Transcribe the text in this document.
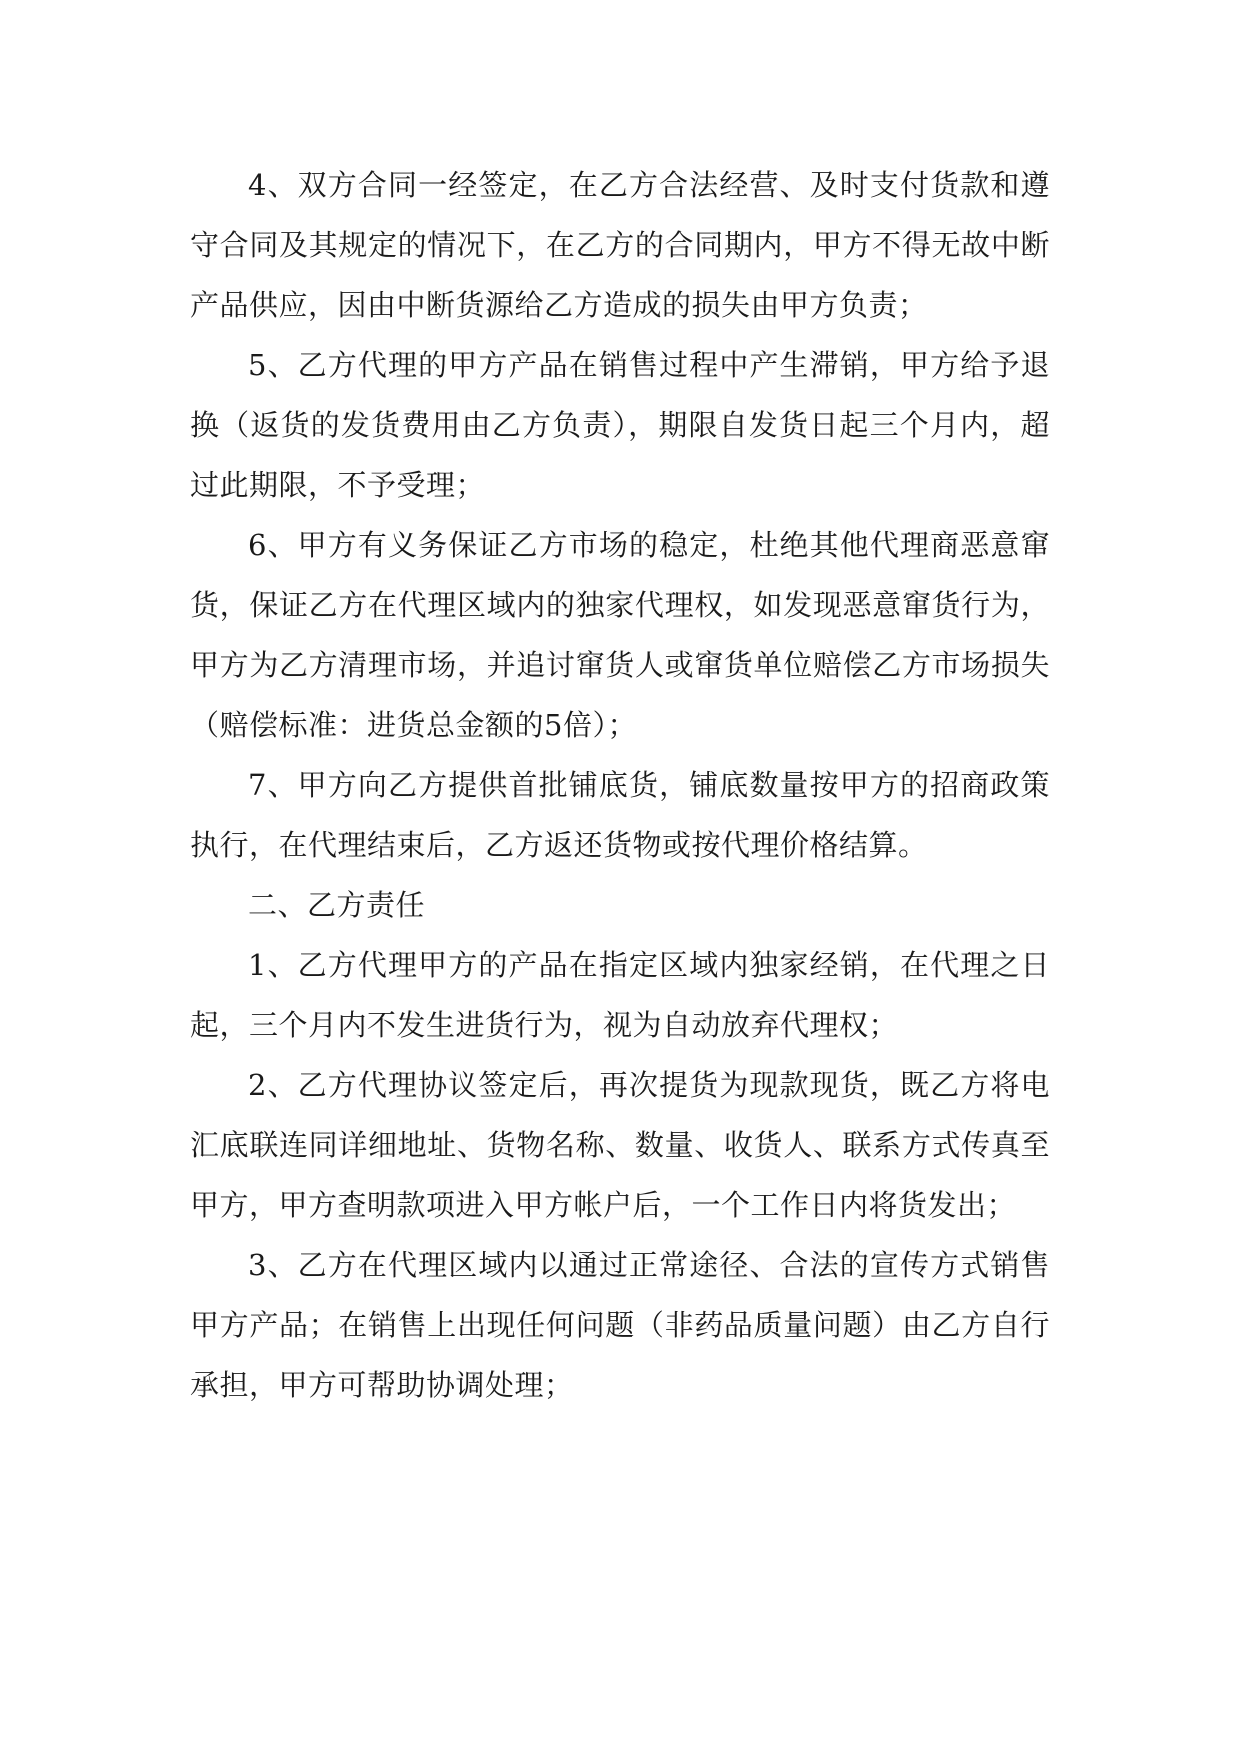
4、双方合同一经签定，在乙方合法经营、及时支付货款和遵守合同及其规定的情况下，在乙方的合同期内，甲方不得无故中断产品供应，因由中断货源给乙方造成的损失由甲方负责；

5、乙方代理的甲方产品在销售过程中产生滞销，甲方给予退换（返货的发货费用由乙方负责），期限自发货日起三个月内，超过此期限，不予受理；

6、甲方有义务保证乙方市场的稳定，杜绝其他代理商恶意窜货，保证乙方在代理区域内的独家代理权，如发现恶意窜货行为，甲方为乙方清理市场，并追讨窜货人或窜货单位赔偿乙方市场损失（赔偿标准：进货总金额的5倍）；

7、甲方向乙方提供首批铺底货，铺底数量按甲方的招商政策执行，在代理结束后，乙方返还货物或按代理价格结算。

二、乙方责任

1、乙方代理甲方的产品在指定区域内独家经销，在代理之日起，三个月内不发生进货行为，视为自动放弃代理权；

2、乙方代理协议签定后，再次提货为现款现货，既乙方将电汇底联连同详细地址、货物名称、数量、收货人、联系方式传真至甲方，甲方查明款项进入甲方帐户后，一个工作日内将货发出；

3、乙方在代理区域内以通过正常途径、合法的宣传方式销售甲方产品；在销售上出现任何问题（非药品质量问题）由乙方自行承担，甲方可帮助协调处理；
